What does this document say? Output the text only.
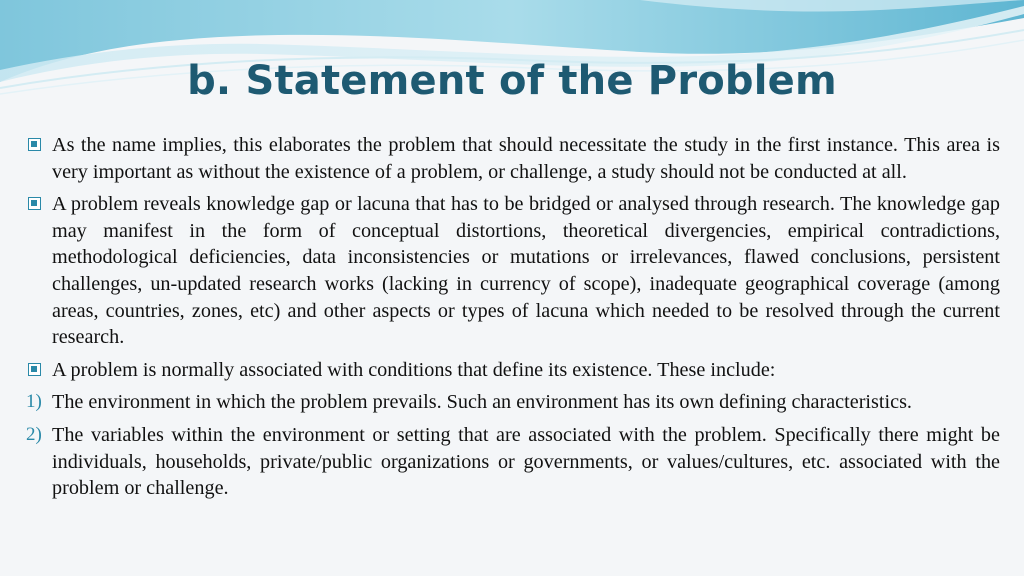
b. Statement of the Problem
As the name implies, this elaborates the problem that should necessitate the study in the first instance. This area is very important as without the existence of a problem, or challenge, a study should not be conducted at all.
A problem reveals knowledge gap or lacuna that has to be bridged or analysed through research. The knowledge gap may manifest in the form of conceptual distortions, theoretical divergencies, empirical contradictions, methodological deficiencies, data inconsistencies or mutations or irrelevances, flawed conclusions, persistent challenges, un-updated research works (lacking in currency of scope), inadequate geographical coverage (among areas, countries, zones, etc) and other aspects or types of lacuna which needed to be resolved through the current research.
A problem is normally associated with conditions that define its existence. These include:
1) The environment in which the problem prevails. Such an environment has its own defining characteristics.
2) The variables within the environment or setting that are associated with the problem. Specifically there might be individuals, households, private/public organizations or governments, or values/cultures, etc. associated with the problem or challenge.
